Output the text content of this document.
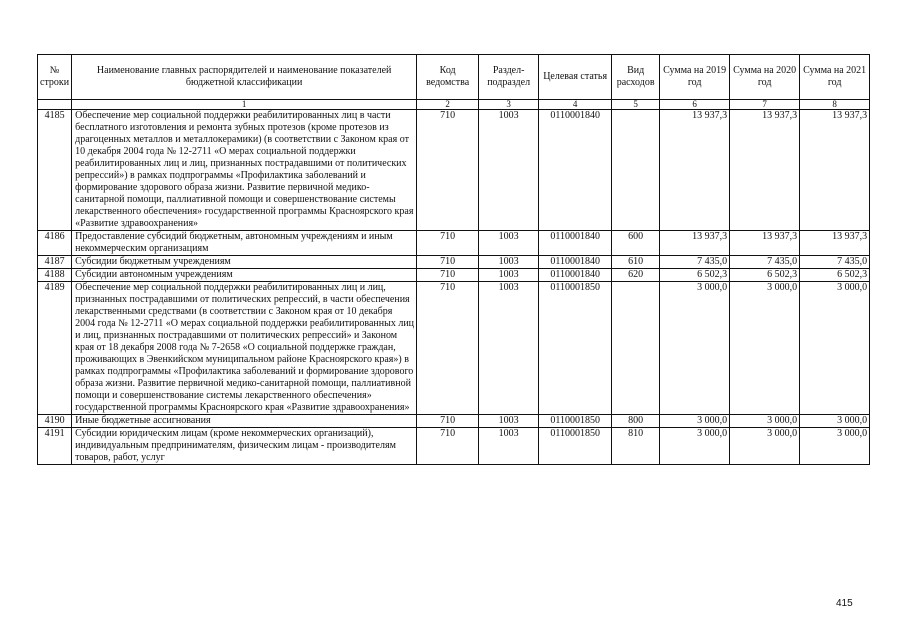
№ строки	Наименование главных распорядителей и наименование показателей бюджетной классификации	Код ведомства	Раздел-подраздел	Целевая статья	Вид расходов	Сумма на 2019 год	Сумма на 2020 год	Сумма на 2021 год
	1	2	3	4	5	6	7	8
4185	Обеспечение мер социальной поддержки реабилитированных лиц в части бесплатного изготовления и ремонта зубных протезов (кроме протезов из драгоценных металлов и металлокерамики) (в соответствии с Законом края от 10 декабря 2004 года № 12-2711 «О мерах социальной поддержки реабилитированных лиц и лиц, признанных пострадавшими от политических репрессий») в рамках подпрограммы «Профилактика заболеваний и формирование здорового образа жизни. Развитие первичной медико-санитарной помощи, паллиативной помощи и совершенствование системы лекарственного обеспечения» государственной программы Красноярского края «Развитие здравоохранения»	710	1003	0110001840		13 937,3	13 937,3	13 937,3
4186	Предоставление субсидий бюджетным, автономным учреждениям и иным некоммерческим организациям	710	1003	0110001840	600	13 937,3	13 937,3	13 937,3
4187	Субсидии бюджетным учреждениям	710	1003	0110001840	610	7 435,0	7 435,0	7 435,0
4188	Субсидии автономным учреждениям	710	1003	0110001840	620	6 502,3	6 502,3	6 502,3
4189	Обеспечение мер социальной поддержки реабилитированных лиц и лиц, признанных пострадавшими от политических репрессий, в части обеспечения лекарственными средствами (в соответствии с Законом края от 10 декабря 2004 года № 12-2711 «О мерах социальной поддержки реабилитированных лиц и лиц, признанных пострадавшими от политических репрессий» и Законом края от 18 декабря 2008 года № 7-2658 «О социальной поддержке граждан, проживающих в Эвенкийском муниципальном районе Красноярского края») в рамках подпрограммы «Профилактика заболеваний и формирование здорового образа жизни. Развитие первичной медико-санитарной помощи, паллиативной помощи и совершенствование системы лекарственного обеспечения» государственной программы Красноярского края «Развитие здравоохранения»	710	1003	0110001850		3 000,0	3 000,0	3 000,0
4190	Иные бюджетные ассигнования	710	1003	0110001850	800	3 000,0	3 000,0	3 000,0
4191	Субсидии юридическим лицам (кроме некоммерческих организаций), индивидуальным предпринимателям, физическим лицам - производителям товаров, работ, услуг	710	1003	0110001850	810	3 000,0	3 000,0	3 000,0
415
